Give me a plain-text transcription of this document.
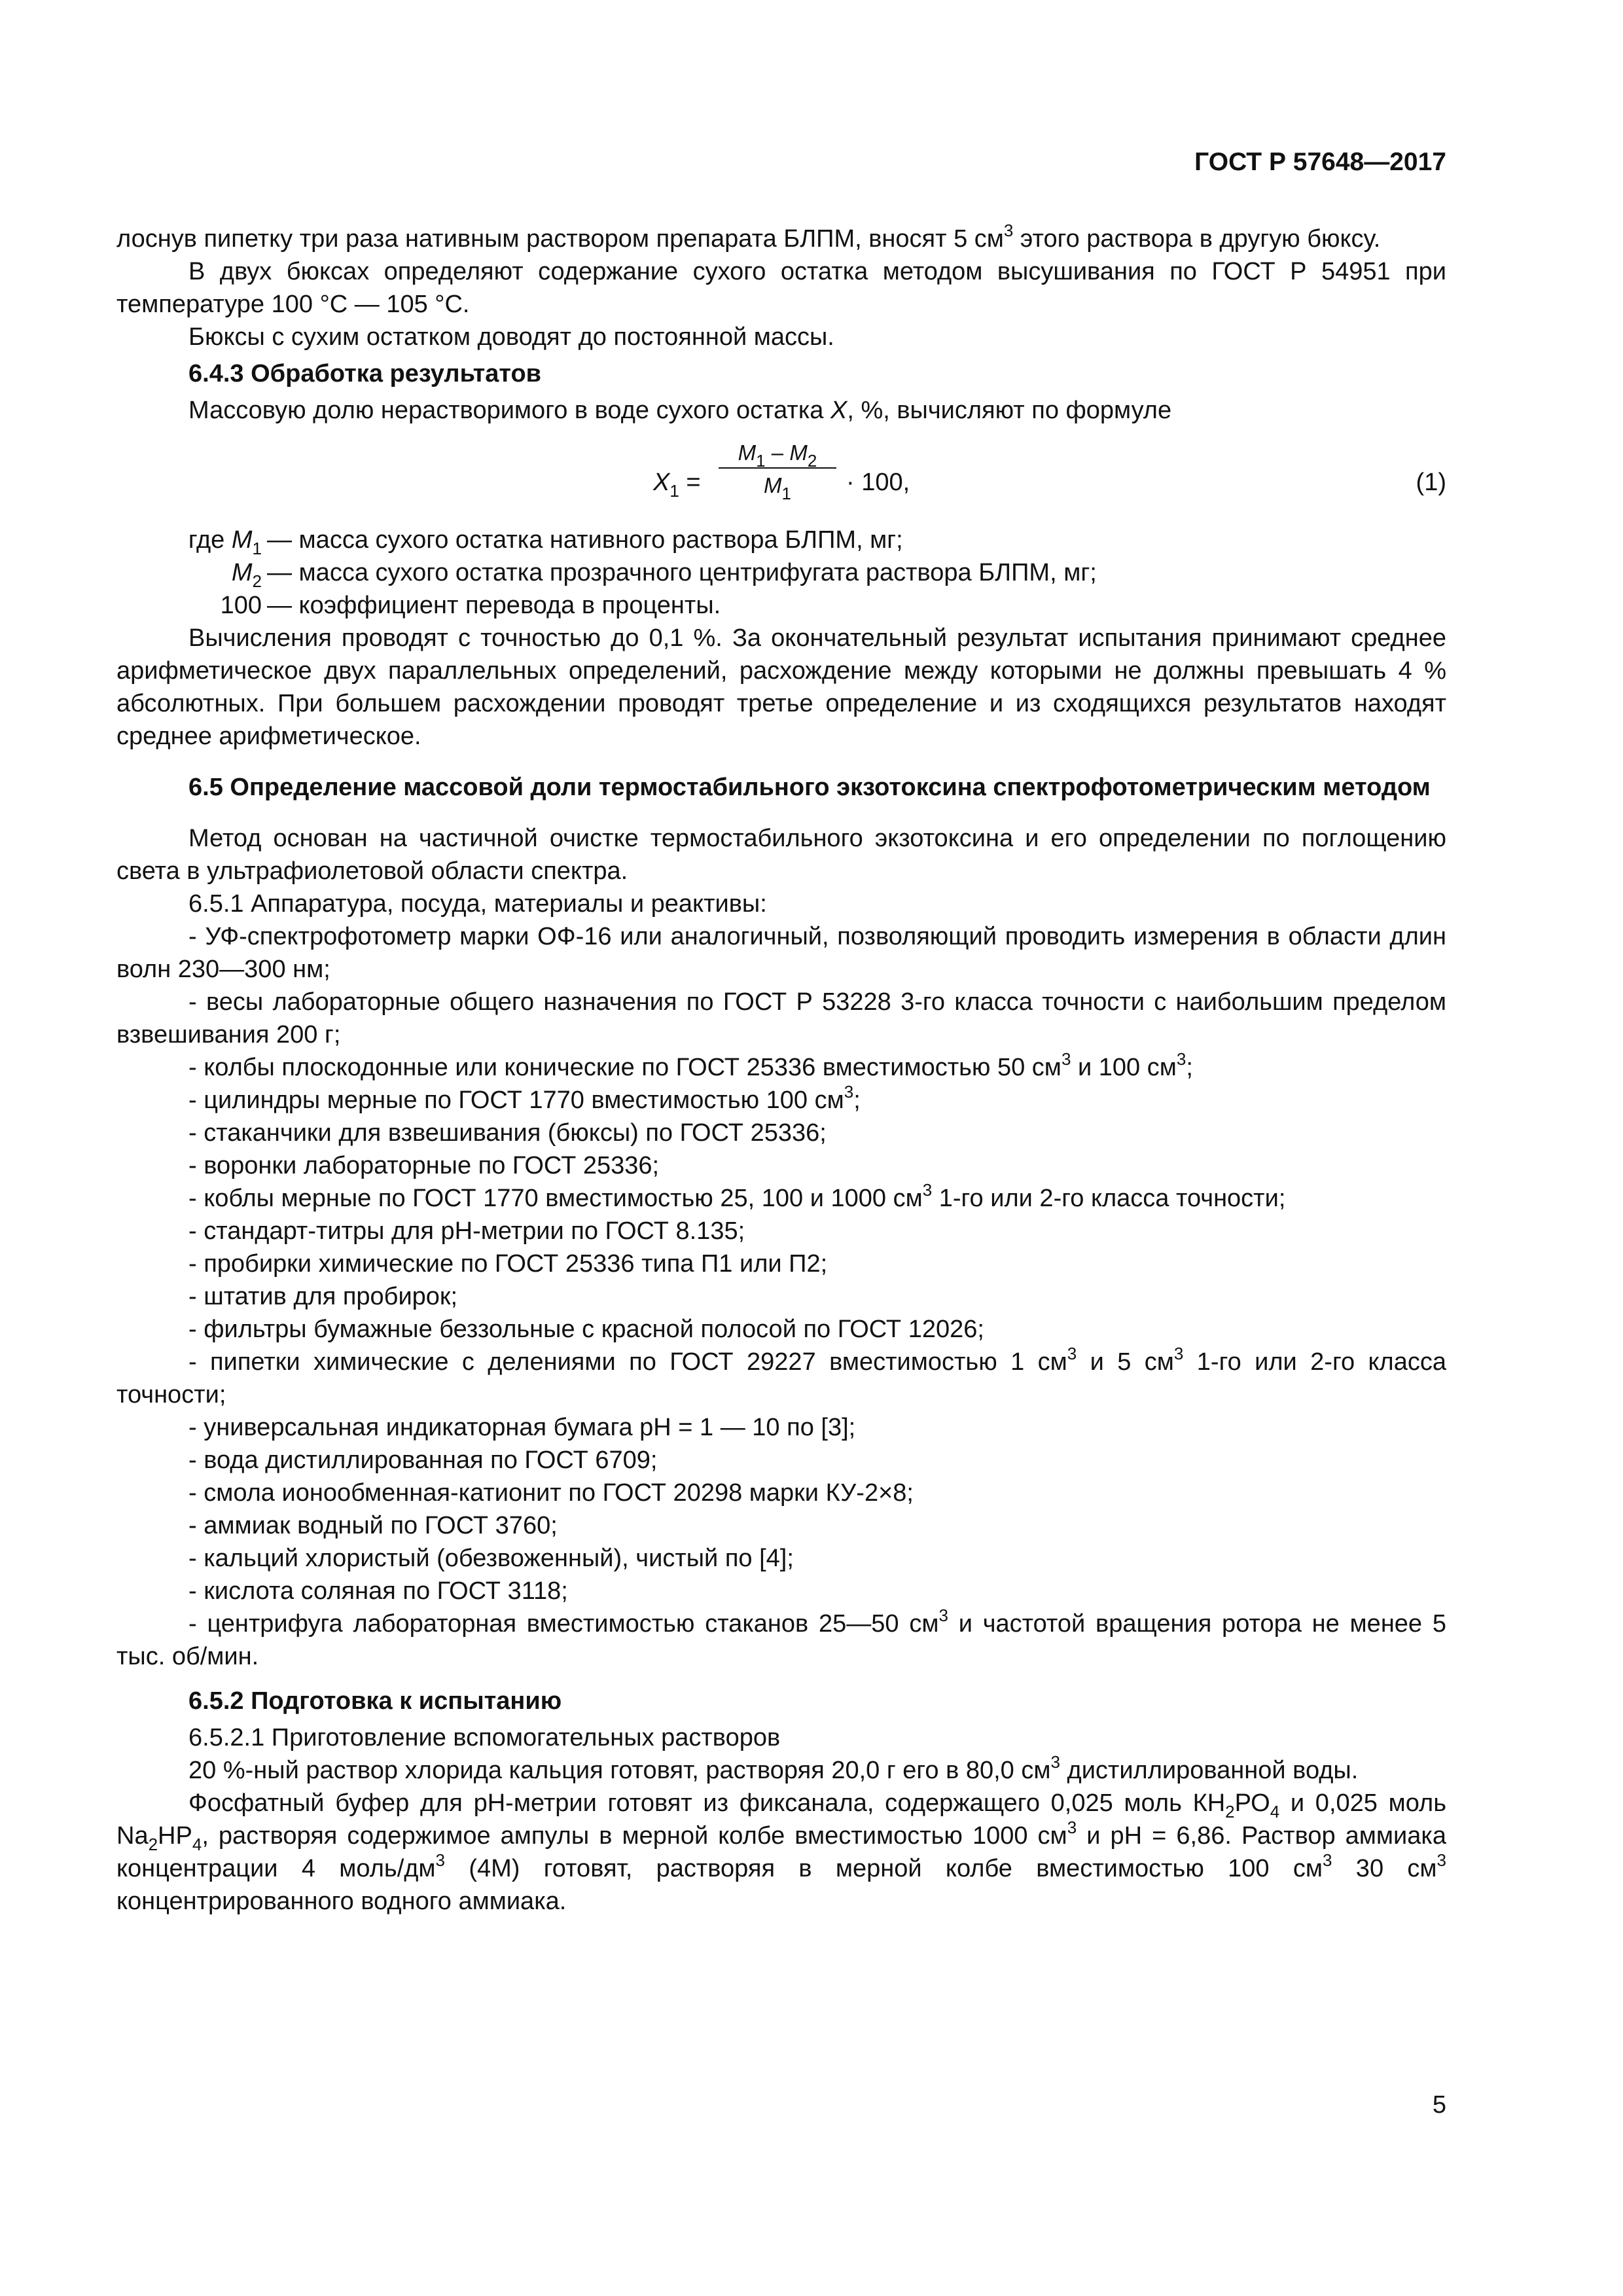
ГОСТ Р 57648—2017

лоснув пипетку три раза нативным раствором препарата БЛПМ, вносят 5 $см^3$ этого раствора в другую бюксу.

В двух бюксах определяют содержание сухого остатка методом высушивания по ГОСТ Р 54951 при температуре 100 °С — 105 °С.

Бюксы с сухим остатком доводят до постоянной массы.

6.4.3 Обработка результатов

Массовую долю нерастворимого в воде сухого остатка X, %, вычисляют по формуле

$X_1 = \frac{M_1 - M_2}{M_1} \cdot 100$,	(1)
где $M_1$ — масса сухого остатка нативного раствора БЛПМ, мг;
$M_2$ — масса сухого остатка прозрачного центрифугата раствора БЛПМ, мг;
100 — коэффициент перевода в проценты.

Вычисления проводят с точностью до 0,1 %. За окончательный результат испытания принимают среднее арифметическое двух параллельных определений, расхождение между которыми не должны превышать 4 % абсолютных. При большем расхождении проводят третье определение и из сходящихся результатов находят среднее арифметическое.

6.5 Определение массовой доли термостабильного экзотоксина спектрофотометрическим методом

Метод основан на частичной очистке термостабильного экзотоксина и его определении по поглощению света в ультрафиолетовой области спектра.

6.5.1 Аппаратура, посуда, материалы и реактивы:

- УФ-спектрофотометр марки ОФ-16 или аналогичный, позволяющий проводить измерения в области длин волн 230—300 нм;

- весы лабораторные общего назначения по ГОСТ Р 53228 3-го класса точности с наибольшим пределом взвешивания 200 г;

- колбы плоскодонные или конические по ГОСТ 25336 вместимостью 50 $см^3$ и 100 $см^3$;

- цилиндры мерные по ГОСТ 1770 вместимостью 100 $см^3$;

- стаканчики для взвешивания (бюксы) по ГОСТ 25336;

- воронки лабораторные по ГОСТ 25336;

- коблы мерные по ГОСТ 1770 вместимостью 25, 100 и 1000 $см^3$ 1-го или 2-го класса точности;

- стандарт-титры для рН-метрии по ГОСТ 8.135;

- пробирки химические по ГОСТ 25336 типа П1 или П2;

- штатив для пробирок;

- фильтры бумажные беззольные с красной полосой по ГОСТ 12026;

- пипетки химические с делениями по ГОСТ 29227 вместимостью 1 $см^3$ и 5 $см^3$ 1-го или 2-го класса точности;

- универсальная индикаторная бумага рН = 1 — 10 по [3];

- вода дистиллированная по ГОСТ 6709;

- смола ионообменная-катионит по ГОСТ 20298 марки КУ-2×8;

- аммиак водный по ГОСТ 3760;

- кальций хлористый (обезвоженный), чистый по [4];

- кислота соляная по ГОСТ 3118;

- центрифуга лабораторная вместимостью стаканов 25—50 $см^3$ и частотой вращения ротора не менее 5 тыс. об/мин.

6.5.2 Подготовка к испытанию

6.5.2.1 Приготовление вспомогательных растворов

20 %-ный раствор хлорида кальция готовят, растворяя 20,0 г его в 80,0 $см^3$ дистиллированной воды.

Фосфатный буфер для рН-метрии готовят из фиксанала, содержащего 0,025 моль $КН_2РО_4$ и 0,025 моль $Na_2НР_4$, растворяя содержимое ампулы в мерной колбе вместимостью 1000 $см^3$ и рН = 6,86. Раствор аммиака концентрации 4 моль/$дм^3$ (4М) готовят, растворяя в мерной колбе вместимостью 100 $см^3$ 30 $см^3$ концентрированного водного аммиака.

5
